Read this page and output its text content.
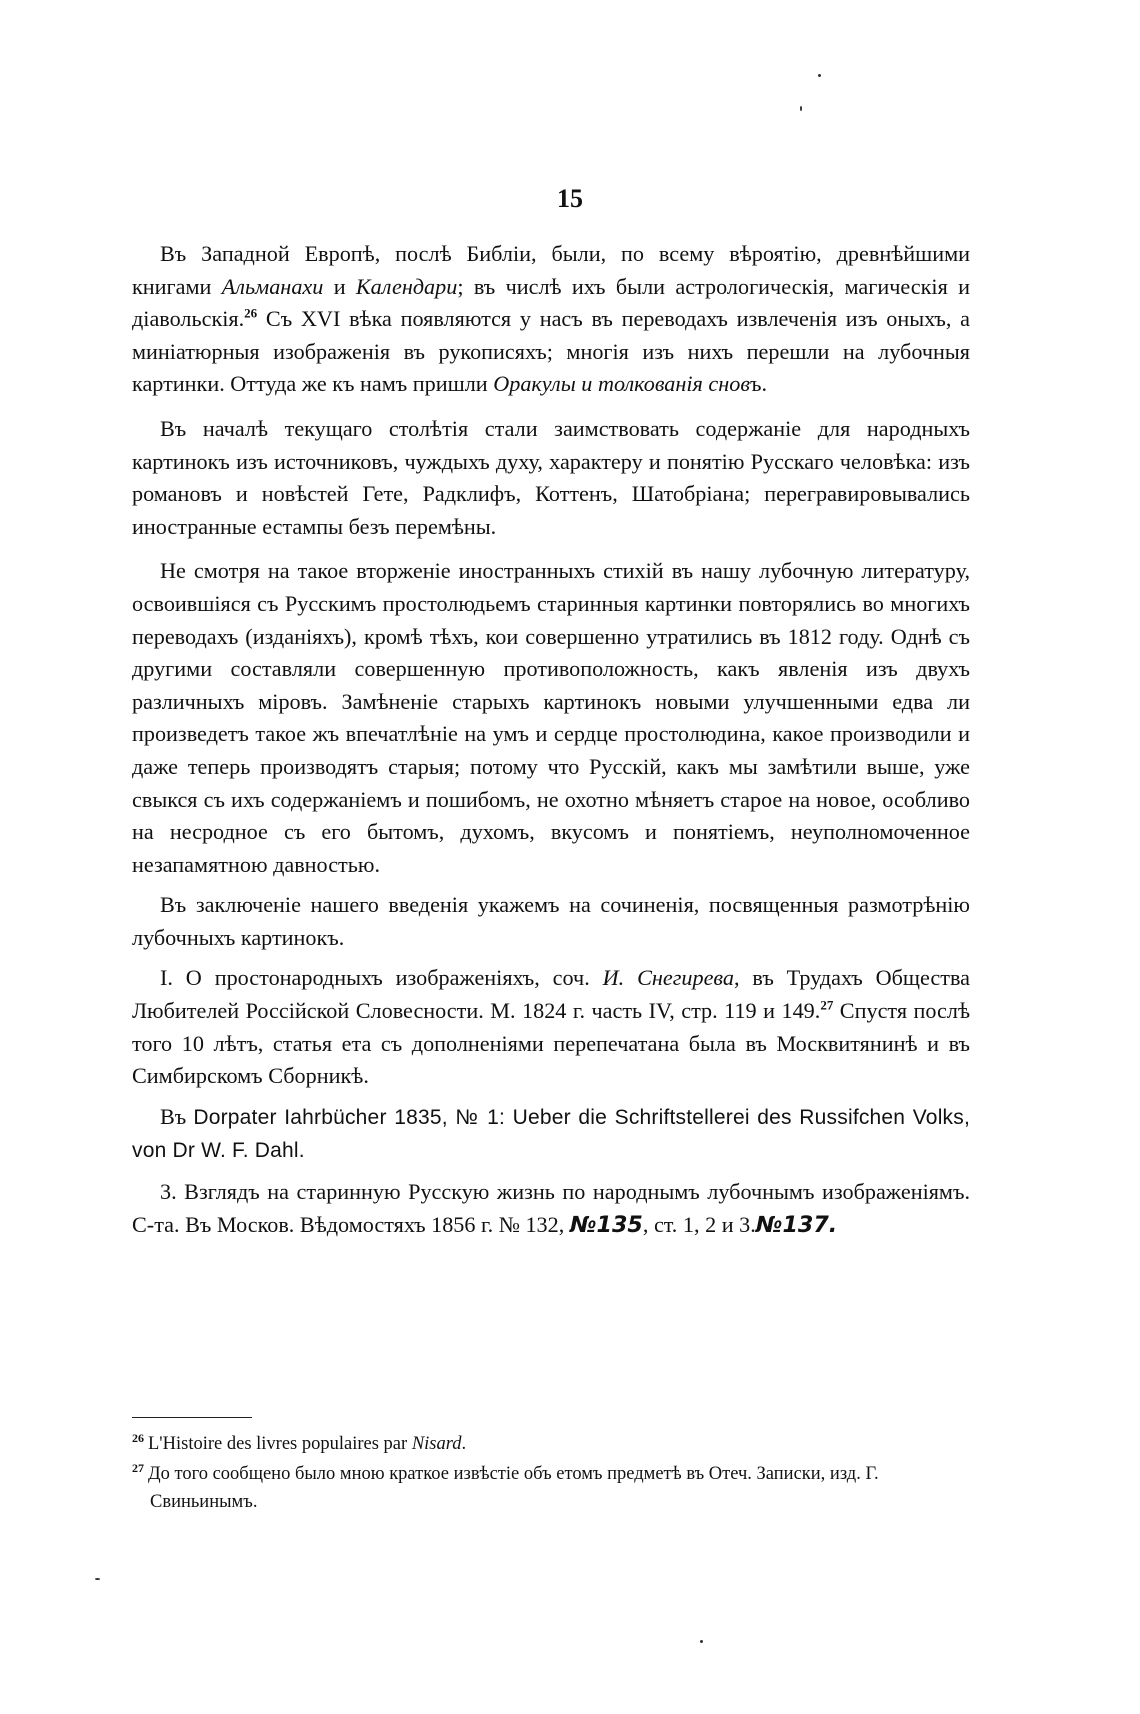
15

Въ Западной Европѣ, послѣ Библіи, были, по всему вѣроятію, древнѣйшими книгами Альманахи и Календари; въ числѣ ихъ были астрологическія, магическія и діавольскія.$^{26}$ Съ XVI вѣка появляются у насъ въ переводахъ извлеченія изъ оныхъ, а миніатюрныя изображенія въ рукописяхъ; многія изъ нихъ перешли на лубочныя картинки. Оттуда же къ намъ пришли Оракулы и толкованія сновъ.

Въ началѣ текущаго столѣтія стали заимствовать содержаніе для народныхъ картинокъ изъ источниковъ, чуждыхъ духу, характеру и понятію Русскаго человѣка: изъ романовъ и новѣстей Гете, Радклифъ, Коттенъ, Шатобріана; перегравировывались иностранные естампы безъ перемѣны.

Не смотря на такое вторженіе иностранныхъ стихій въ нашу лубочную литературу, освоившіяся съ Русскимъ простолюдьемъ старинныя картинки повторялись во многихъ переводахъ (изданіяхъ), кромѣ тѣхъ, кои совершенно утратились въ 1812 году. Однѣ съ другими составляли совершенную противоположность, какъ явленія изъ двухъ различныхъ міровъ. Замѣненіе старыхъ картинокъ новыми улучшенными едва ли произведетъ такое жъ впечатлѣніе на умъ и сердце простолюдина, какое производили и даже теперь производятъ старыя; потому что Русскій, какъ мы замѣтили выше, уже свыкся съ ихъ содержаніемъ и пошибомъ, не охотно мѣняетъ старое на новое, особливо на несродное съ его бытомъ, духомъ, вкусомъ и понятіемъ, неуполномоченное незапамятною давностью.

Въ заключеніе нашего введенія укажемъ на сочиненія, посвященныя размотрѣнію лубочныхъ картинокъ.

I. О простонародныхъ изображеніяхъ, соч. И. Снегирева, въ Трудахъ Общества Любителей Россійской Словесности. М. 1824 г. часть IV, стр. 119 и 149.27 Спустя послѣ того 10 лѣтъ, статья ета съ дополненіями перепечатана была въ Москвитянинѣ и въ Симбирскомъ Сборникѣ.

Въ Dorpater Iahrbücher 1835, № 1: Ueber die Schriftstellerei des Russifchen Volks, von Dr W. F. Dahl.

3. Взглядъ на старинную Русскую жизнь по народнымъ лубочнымъ изображеніямъ. С-та. Въ Москов. Вѣдомостяхъ 1856 г. № 132, №135, ст. 1, 2 и 3.№137.

$^{26}$ L'Histoire des livres populaires par Nisard.

$^{27}$ До того сообщено было мною краткое извѣстіе объ етомъ предметѣ въ Отеч. Записки, изд. Г. Свиньинымъ.
